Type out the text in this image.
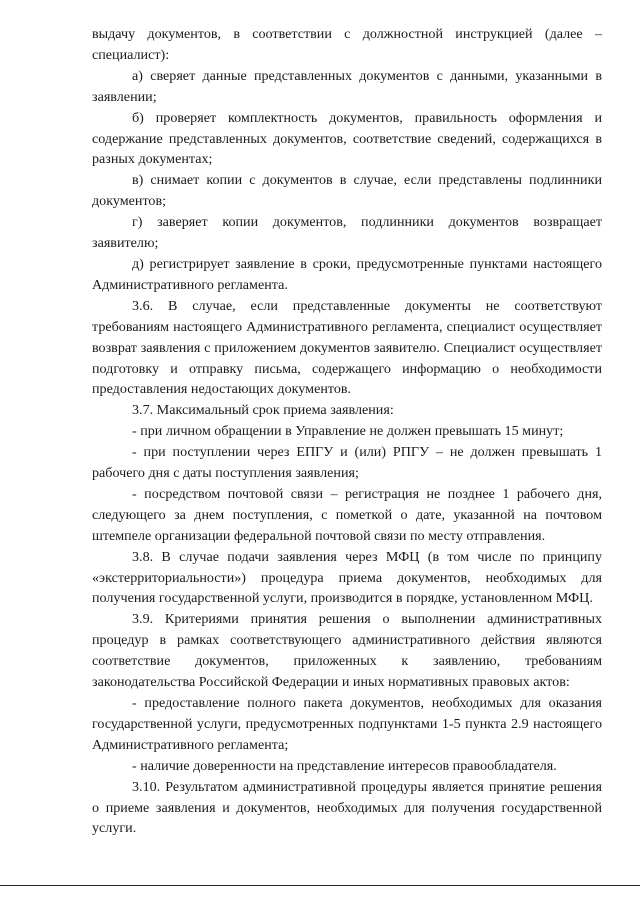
выдачу документов, в соответствии с должностной инструкцией (далее – специалист):

а) сверяет данные представленных документов с данными, указанными в заявлении;

б) проверяет комплектность документов, правильность оформления и содержание представленных документов, соответствие сведений, содержащихся в разных документах;

в) снимает копии с документов в случае, если представлены подлинники документов;

г) заверяет копии документов, подлинники документов возвращает заявителю;

д) регистрирует заявление в сроки, предусмотренные пунктами настоящего Административного регламента.

3.6. В случае, если представленные документы не соответствуют требованиям настоящего Административного регламента, специалист осуществляет возврат заявления с приложением документов заявителю. Специалист осуществляет подготовку и отправку письма, содержащего информацию о необходимости предоставления недостающих документов.

3.7. Максимальный срок приема заявления:

- при личном обращении в Управление не должен превышать 15 минут;

- при поступлении через ЕПГУ и (или) РПГУ – не должен превышать 1 рабочего дня с даты поступления заявления;

- посредством почтовой связи – регистрация не позднее 1 рабочего дня, следующего за днем поступления, с пометкой о дате, указанной на почтовом штемпеле организации федеральной почтовой связи по месту отправления.

3.8. В случае подачи заявления через МФЦ (в том числе по принципу «экстерриториальности») процедура приема документов, необходимых для получения государственной услуги, производится в порядке, установленном МФЦ.

3.9. Критериями принятия решения о выполнении административных процедур в рамках соответствующего административного действия являются соответствие документов, приложенных к заявлению, требованиям законодательства Российской Федерации и иных нормативных правовых актов:

- предоставление полного пакета документов, необходимых для оказания государственной услуги, предусмотренных подпунктами 1-5 пункта 2.9 настоящего Административного регламента;

- наличие доверенности на представление интересов правообладателя.

3.10. Результатом административной процедуры является принятие решения о приеме заявления и документов, необходимых для получения государственной услуги.
